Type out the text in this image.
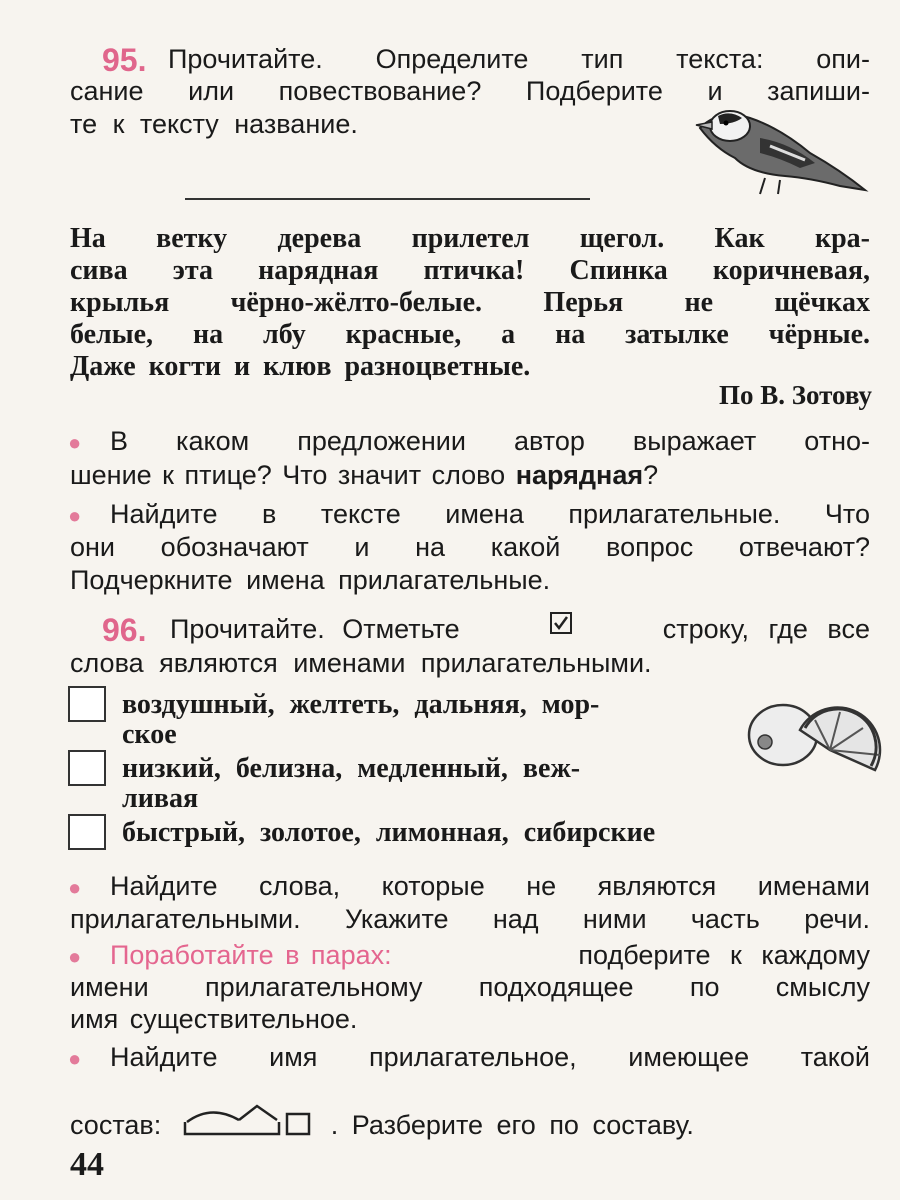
95. Прочитайте. Определите тип текста: опи-
сание или повествование? Подберите и запиши-
те к тексту название.
На ветку дерева прилетел щегол. Как кра-
сива эта нарядная птичка! Спинка коричневая,
крылья чёрно-жёлто-белые. Перья не щёчках
белые, на лбу красные, а на затылке чёрные.
Даже когти и клюв разноцветные.
По В. Зотову
● В каком предложении автор выражает отно-
шение к птице? Что значит слово нарядная?
● Найдите в тексте имена прилагательные. Что
они обозначают и на какой вопрос отвечают?
Подчеркните имена прилагательные.
96. Прочитайте. Отметьте	строку, где все
слова являются именами прилагательными.
воздушный, желтеть, дальняя, мор-
ское
низкий, белизна, медленный, веж-
ливая
быстрый, золотое, лимонная, сибирские
● Найдите слова, которые не являются именами
прилагательными. Укажите над ними часть речи.
● Поработайте в парах:	подберите к каждому
имени прилагательному подходящее по смыслу
имя существительное.
● Найдите имя прилагательное, имеющее такой
состав:	. Разберите его по составу.
44
